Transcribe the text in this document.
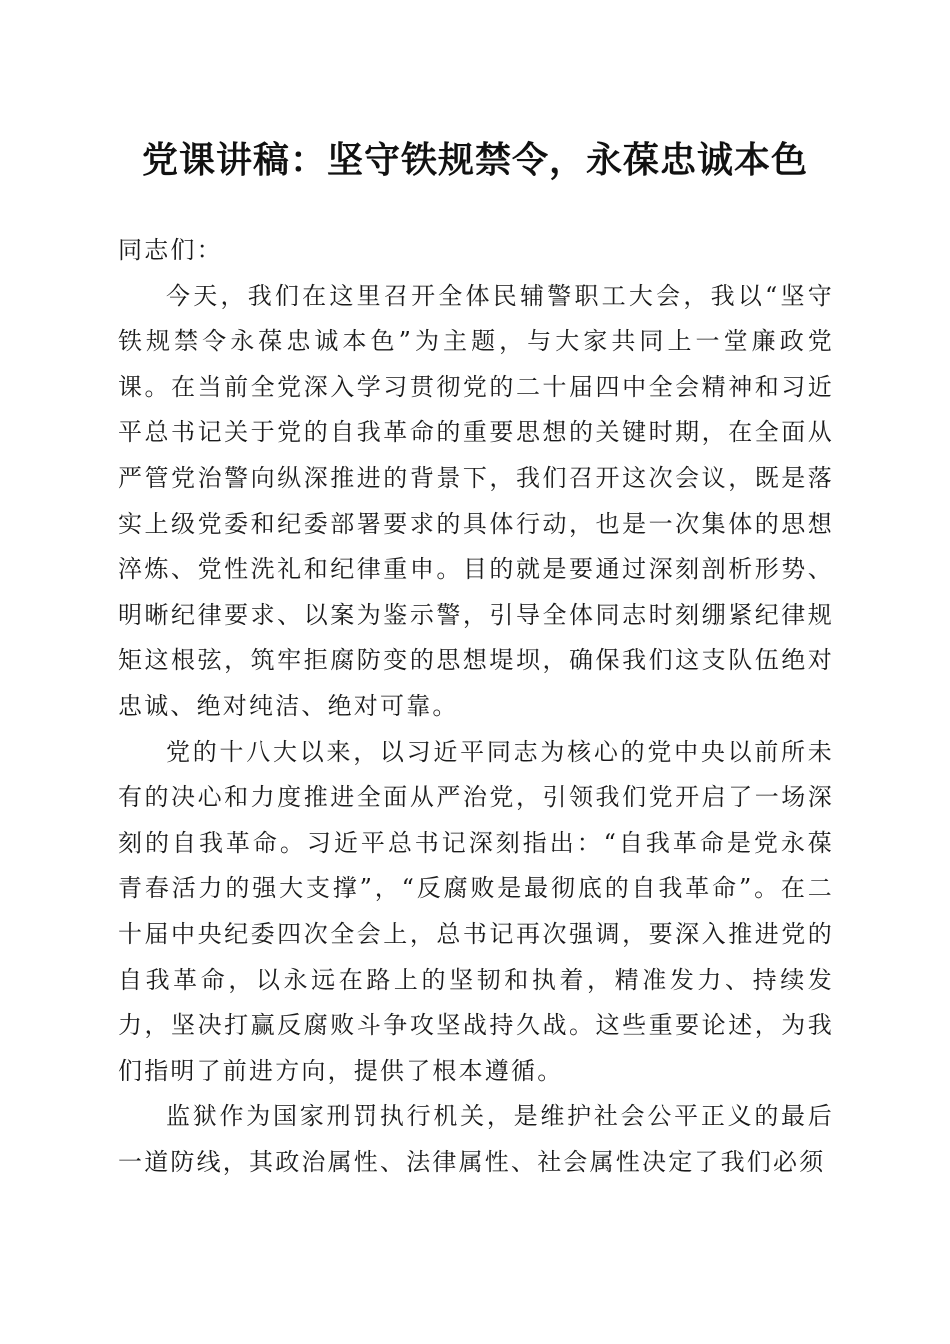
党课讲稿：坚守铁规禁令，永葆忠诚本色

同志们：

今天，我们在这里召开全体民辅警职工大会，我以“坚守铁规禁令永葆忠诚本色”为主题，与大家共同上一堂廉政党课。在当前全党深入学习贯彻党的二十届四中全会精神和习近平总书记关于党的自我革命的重要思想的关键时期，在全面从严管党治警向纵深推进的背景下，我们召开这次会议，既是落实上级党委和纪委部署要求的具体行动，也是一次集体的思想淬炼、党性洗礼和纪律重申。目的就是要通过深刻剖析形势、明晰纪律要求、以案为鉴示警，引导全体同志时刻绷紧纪律规矩这根弦，筑牢拒腐防变的思想堤坝，确保我们这支队伍绝对忠诚、绝对纯洁、绝对可靠。

党的十八大以来，以习近平同志为核心的党中央以前所未有的决心和力度推进全面从严治党，引领我们党开启了一场深刻的自我革命。习近平总书记深刻指出：“自我革命是党永葆青春活力的强大支撑”，“反腐败是最彻底的自我革命”。在二十届中央纪委四次全会上，总书记再次强调，要深入推进党的自我革命，以永远在路上的坚韧和执着，精准发力、持续发力，坚决打赢反腐败斗争攻坚战持久战。这些重要论述，为我们指明了前进方向，提供了根本遵循。

监狱作为国家刑罚执行机关，是维护社会公平正义的最后一道防线，其政治属性、法律属性、社会属性决定了我们必须
